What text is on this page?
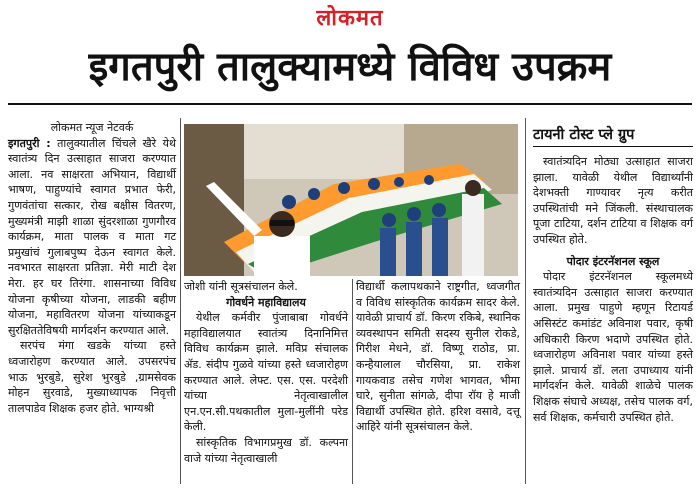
लोकमत
इगतपुरी तालुक्यामध्ये विविध उपक्रम

लोकमत न्यूज नेटवर्क

इगतपुरी : तालुक्यातील चिंचले खैरे येथे स्वातंत्र्य दिन उत्साहात साजरा करण्यात आला. नव साक्षरता अभियान, विद्यार्थी भाषण, पाहुण्यांचे स्वागत प्रभात फेरी, गुणवंतांचा सत्कार, रोख बक्षीस वितरण, मुख्यमंत्री माझी शाळा सुंदरशाळा गुणगौरव कार्यक्रम, माता पालक व माता गट प्रमुखांचं गुलाबपुष्प देऊन स्वागत केले. नवभारत साक्षरता प्रतिज्ञा. मेरी माटी देश मेरा. हर घर तिरंगा. शासनाच्या विविध योजना कृषीच्या योजना, लाडकी बहीण योजना, महावितरण योजना यांच्याकडून सुरक्षिततेविषयी मार्गदर्शन करण्यात आले.

सरपंच मंगा खडके यांच्या हस्ते ध्वजारोहण करण्यात आले. उपसरपंच भाऊ भुरबुडे, सुरेश भुरबुडे ,ग्रामसेवक मोहन सुरवाडे, मुख्याध्यापक निवृत्ती तालपाडेव शिक्षक हजर होते. भाग्यश्री

जोशी यांनी सूत्रसंचालन केले.

गोवर्धने महाविद्यालय

येथील कर्मवीर पुंजाबाबा गोवर्धने महाविद्यालयात स्वातंत्र्य दिनानिमित्त विविध कार्यक्रम झाले. मविप्र संचालक ॲड. संदीप गुळवे यांच्या हस्ते ध्वजारोहण करण्यात आले. लेफ्ट. एस. एस. परदेशी यांच्या नेतृत्वाखालील एन.एन.सी.पथकातील मुला-मुलींनी परेड केली.

सांस्कृतिक विभागप्रमुख डॉ. कल्पना वाजे यांच्या नेतृत्वाखाली

विद्यार्थी कलापथकाने राष्ट्रगीत, ध्वजगीत व विविध सांस्कृतिक कार्यक्रम सादर केले. यावेळी प्राचार्य डॉ. किरण रकिबे, स्थानिक व्यवस्थापन समिती सदस्य सुनील रोकडे, गिरीश मेधने, डॉ. विष्णू राठोड, प्रा. कन्हैयालाल चौरसिया, प्रा. राकेश गायकवाड तसेच गणेश भागवत, भीमा घारे, सुनीता सांगळे, दीपा रॉय हे माजी विद्यार्थी उपस्थित होते. हरिश वसावे, दत्तू आहिरे यांनी सूत्रसंचालन केले.

टायनी टोस्ट प्ले ग्रुप

स्वातंत्र्यदिन मोठ्या उत्साहात साजरा झाला. यावेळी येथील विद्यार्थ्यांनी देशभक्ती गाण्यावर नृत्य करीत उपस्थितांची मने जिंकली. संस्थाचालक पूजा टाटिया, दर्शन टाटिया व शिक्षक वर्ग उपस्थित होते.

पोदार इंटरनॅशनल स्कूल

पोदार इंटरनॅशनल स्कूलमध्ये स्वातंत्र्यदिन उत्साहात साजरा करण्यात आला. प्रमुख पाहुणे म्हणून रिटायर्ड असिस्टंट कमांडंट अविनाश पवार, कृषी अधिकारी किरण भदाणे उपस्थित होते. ध्वजारोहण अविनाश पवार यांच्या हस्ते झाले. प्राचार्य डॉ. लता उपाध्याय यांनी मार्गदर्शन केले. यावेळी शाळेचे पालक शिक्षक संघाचे अध्यक्ष, तसेच पालक वर्ग, सर्व शिक्षक, कर्मचारी उपस्थित होते.
